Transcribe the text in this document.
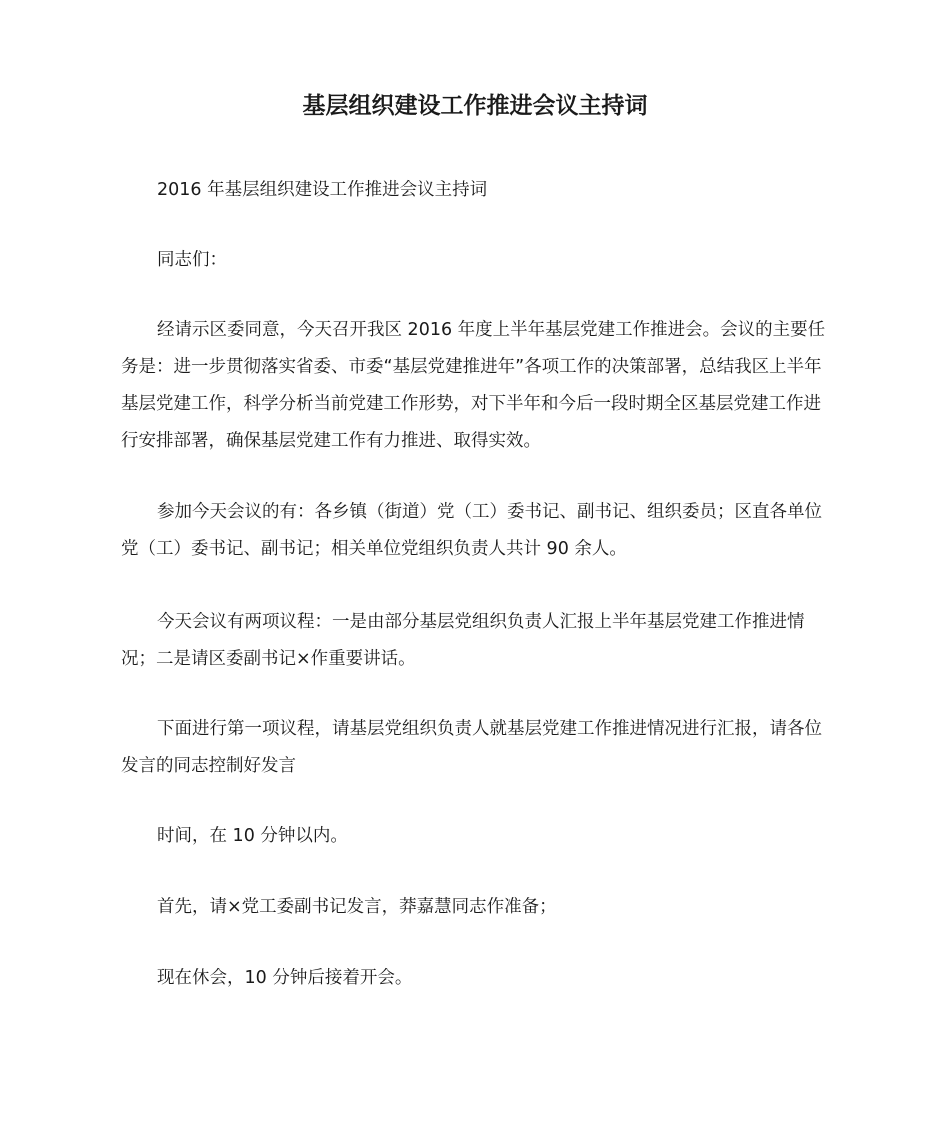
基层组织建设工作推进会议主持词

2016 年基层组织建设工作推进会议主持词

同志们：

经请示区委同意，今天召开我区 2016 年度上半年基层党建工作推进会。会议的主要任务是：进一步贯彻落实省委、市委“基层党建推进年”各项工作的决策部署，总结我区上半年基层党建工作，科学分析当前党建工作形势，对下半年和今后一段时期全区基层党建工作进行安排部署，确保基层党建工作有力推进、取得实效。

参加今天会议的有：各乡镇（街道）党（工）委书记、副书记、组织委员；区直各单位党（工）委书记、副书记；相关单位党组织负责人共计 90 余人。

今天会议有两项议程：一是由部分基层党组织负责人汇报上半年基层党建工作推进情况；二是请区委副书记×作重要讲话。

下面进行第一项议程，请基层党组织负责人就基层党建工作推进情况进行汇报，请各位发言的同志控制好发言

时间，在 10 分钟以内。

首先，请×党工委副书记发言，莽嘉慧同志作准备；

现在休会，10 分钟后接着开会。
